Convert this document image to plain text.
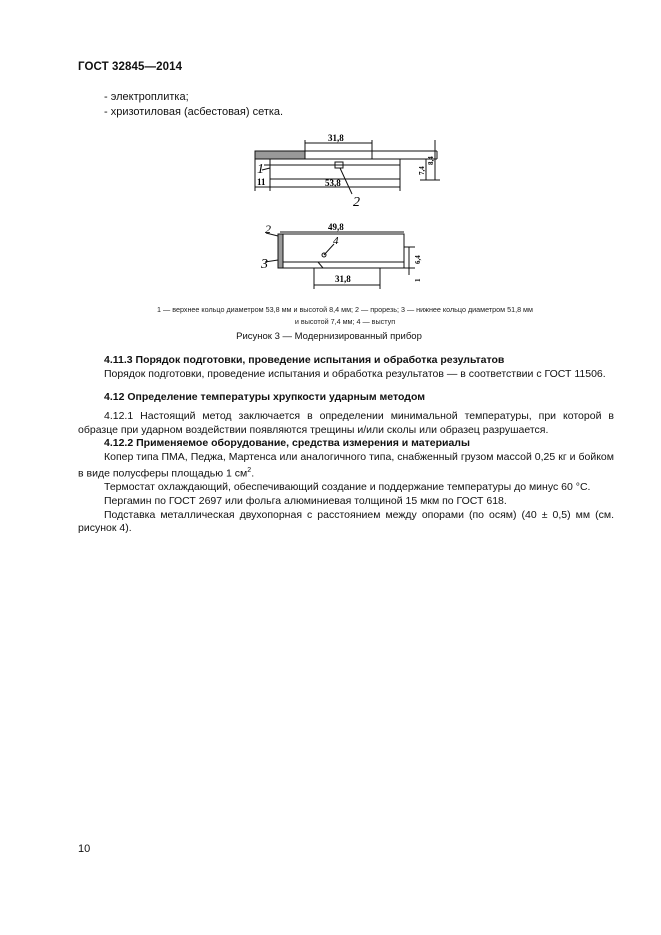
ГОСТ 32845—2014
- электроплитка;
- хризотиловая (асбестовая) сетка.
31,8
53,8
11
7,4
8,4
1
2
49,8
31,8
6,4
1
2
3
4
1 — верхнее кольцо диаметром 53,8 мм и высотой 8,4 мм; 2 — прорезь; 3 — нижнее кольцо диаметром 51,8 мм
и высотой 7,4 мм; 4 — выступ
Рисунок 3 — Модернизированный прибор

4.11.3 Порядок подготовки, проведение испытания и обработка результатов

Порядок подготовки, проведение испытания и обработка результатов — в соответствии с ГОСТ 11506.

4.12 Определение температуры хрупкости ударным методом

4.12.1 Настоящий метод заключается в определении минимальной температуры, при которой в образце при ударном воздействии появляются трещины и/или сколы или образец разрушается.

4.12.2 Применяемое оборудование, средства измерения и материалы

Копер типа ПМА, Педжа, Мартенса или аналогичного типа, снабженный грузом массой 0,25 кг и бойком в виде полусферы площадью 1 $см^2$.

Термостат охлаждающий, обеспечивающий создание и поддержание температуры до минус 60 °С.

Пергамин по ГОСТ 2697 или фольга алюминиевая толщиной 15 мкм по ГОСТ 618.

Подставка металлическая двухопорная с расстоянием между опорами (по осям) (40 ± 0,5) мм (см. рисунок 4).

10
